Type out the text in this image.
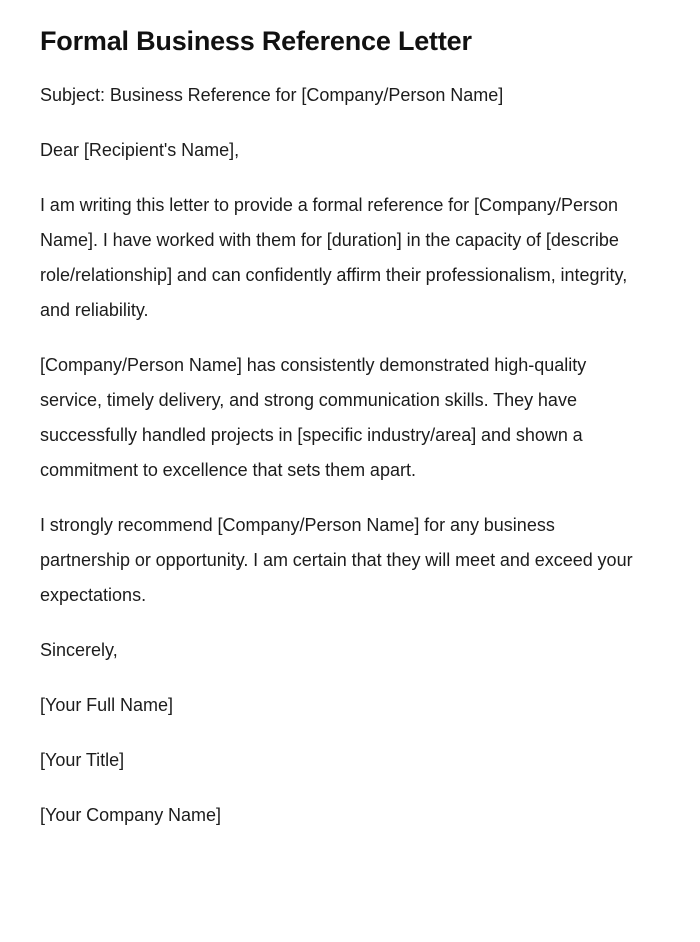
Formal Business Reference Letter

Subject: Business Reference for [Company/Person Name]

Dear [Recipient's Name],

I am writing this letter to provide a formal reference for [Company/Person Name]. I have worked with them for [duration] in the capacity of [describe role/relationship] and can confidently affirm their professionalism, integrity, and reliability.

[Company/Person Name] has consistently demonstrated high-quality service, timely delivery, and strong communication skills. They have successfully handled projects in [specific industry/area] and shown a commitment to excellence that sets them apart.

I strongly recommend [Company/Person Name] for any business partnership or opportunity. I am certain that they will meet and exceed your expectations.

Sincerely,

[Your Full Name]

[Your Title]

[Your Company Name]
